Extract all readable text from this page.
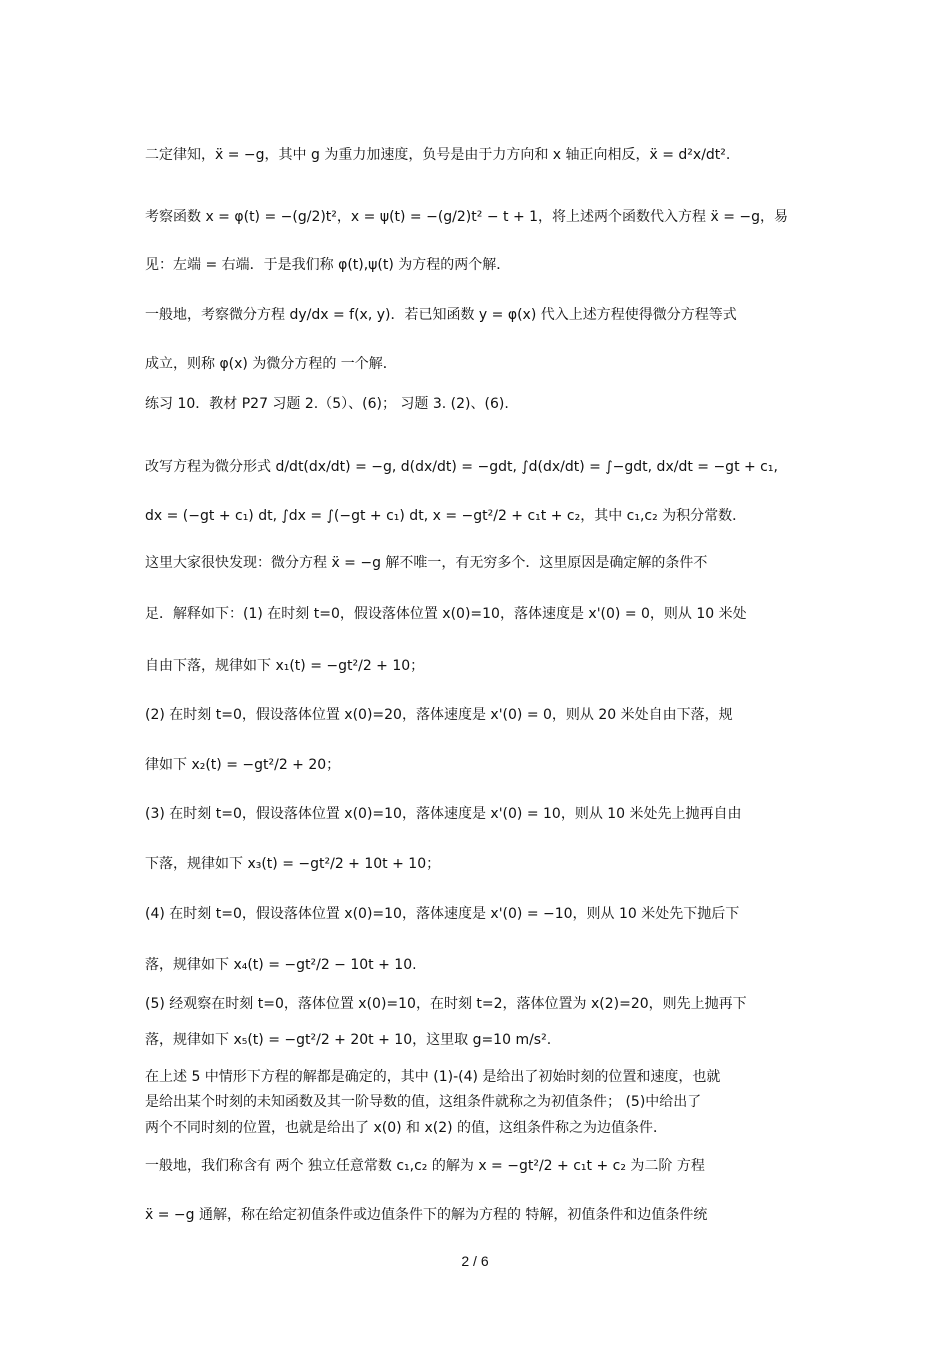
二定律知，ẍ = −g，其中 g 为重力加速度，负号是由于力方向和 x 轴正向相反，ẍ = d²x/dt².
考察函数 x = φ(t) = −(g/2)t²，x = ψ(t) = −(g/2)t² − t + 1，将上述两个函数代入方程 ẍ = −g，易
见：左端 = 右端．于是我们称 φ(t),ψ(t) 为方程的两个解．
一般地，考察微分方程 dy/dx = f(x, y)．若已知函数 y = φ(x) 代入上述方程使得微分方程等式
成立，则称 φ(x) 为微分方程的 一个解．
练习 10．教材 P27 习题 2.（5）、(6)； 习题 3. (2)、(6).
改写方程为微分形式 d/dt(dx/dt) = −g, d(dx/dt) = −gdt, ∫d(dx/dt) = ∫−gdt, dx/dt = −gt + c₁,
dx = (−gt + c₁) dt, ∫dx = ∫(−gt + c₁) dt, x = −gt²/2 + c₁t + c₂，其中 c₁,c₂ 为积分常数．
这里大家很快发现：微分方程 ẍ = −g 解不唯一，有无穷多个．这里原因是确定解的条件不
足．解释如下：(1) 在时刻 t=0，假设落体位置 x(0)=10，落体速度是 x'(0) = 0，则从 10 米处
自由下落，规律如下 x₁(t) = −gt²/2 + 10；
(2) 在时刻 t=0，假设落体位置 x(0)=20，落体速度是 x'(0) = 0，则从 20 米处自由下落，规
律如下 x₂(t) = −gt²/2 + 20；
(3) 在时刻 t=0，假设落体位置 x(0)=10，落体速度是 x'(0) = 10，则从 10 米处先上抛再自由
下落，规律如下 x₃(t) = −gt²/2 + 10t + 10；
(4) 在时刻 t=0，假设落体位置 x(0)=10，落体速度是 x'(0) = −10，则从 10 米处先下抛后下
落，规律如下 x₄(t) = −gt²/2 − 10t + 10.
(5) 经观察在时刻 t=0，落体位置 x(0)=10，在时刻 t=2，落体位置为 x(2)=20，则先上抛再下
落，规律如下 x₅(t) = −gt²/2 + 20t + 10，这里取 g=10 m/s².
在上述 5 中情形下方程的解都是确定的，其中 (1)-(4) 是给出了初始时刻的位置和速度，也就
是给出某个时刻的未知函数及其一阶导数的值，这组条件就称之为初值条件； (5)中给出了
两个不同时刻的位置，也就是给出了 x(0) 和 x(2) 的值，这组条件称之为边值条件．
一般地，我们称含有 两个 独立任意常数 c₁,c₂ 的解为 x = −gt²/2 + c₁t + c₂ 为二阶 方程
ẍ = −g 通解，称在给定初值条件或边值条件下的解为方程的 特解，初值条件和边值条件统
2 / 6
